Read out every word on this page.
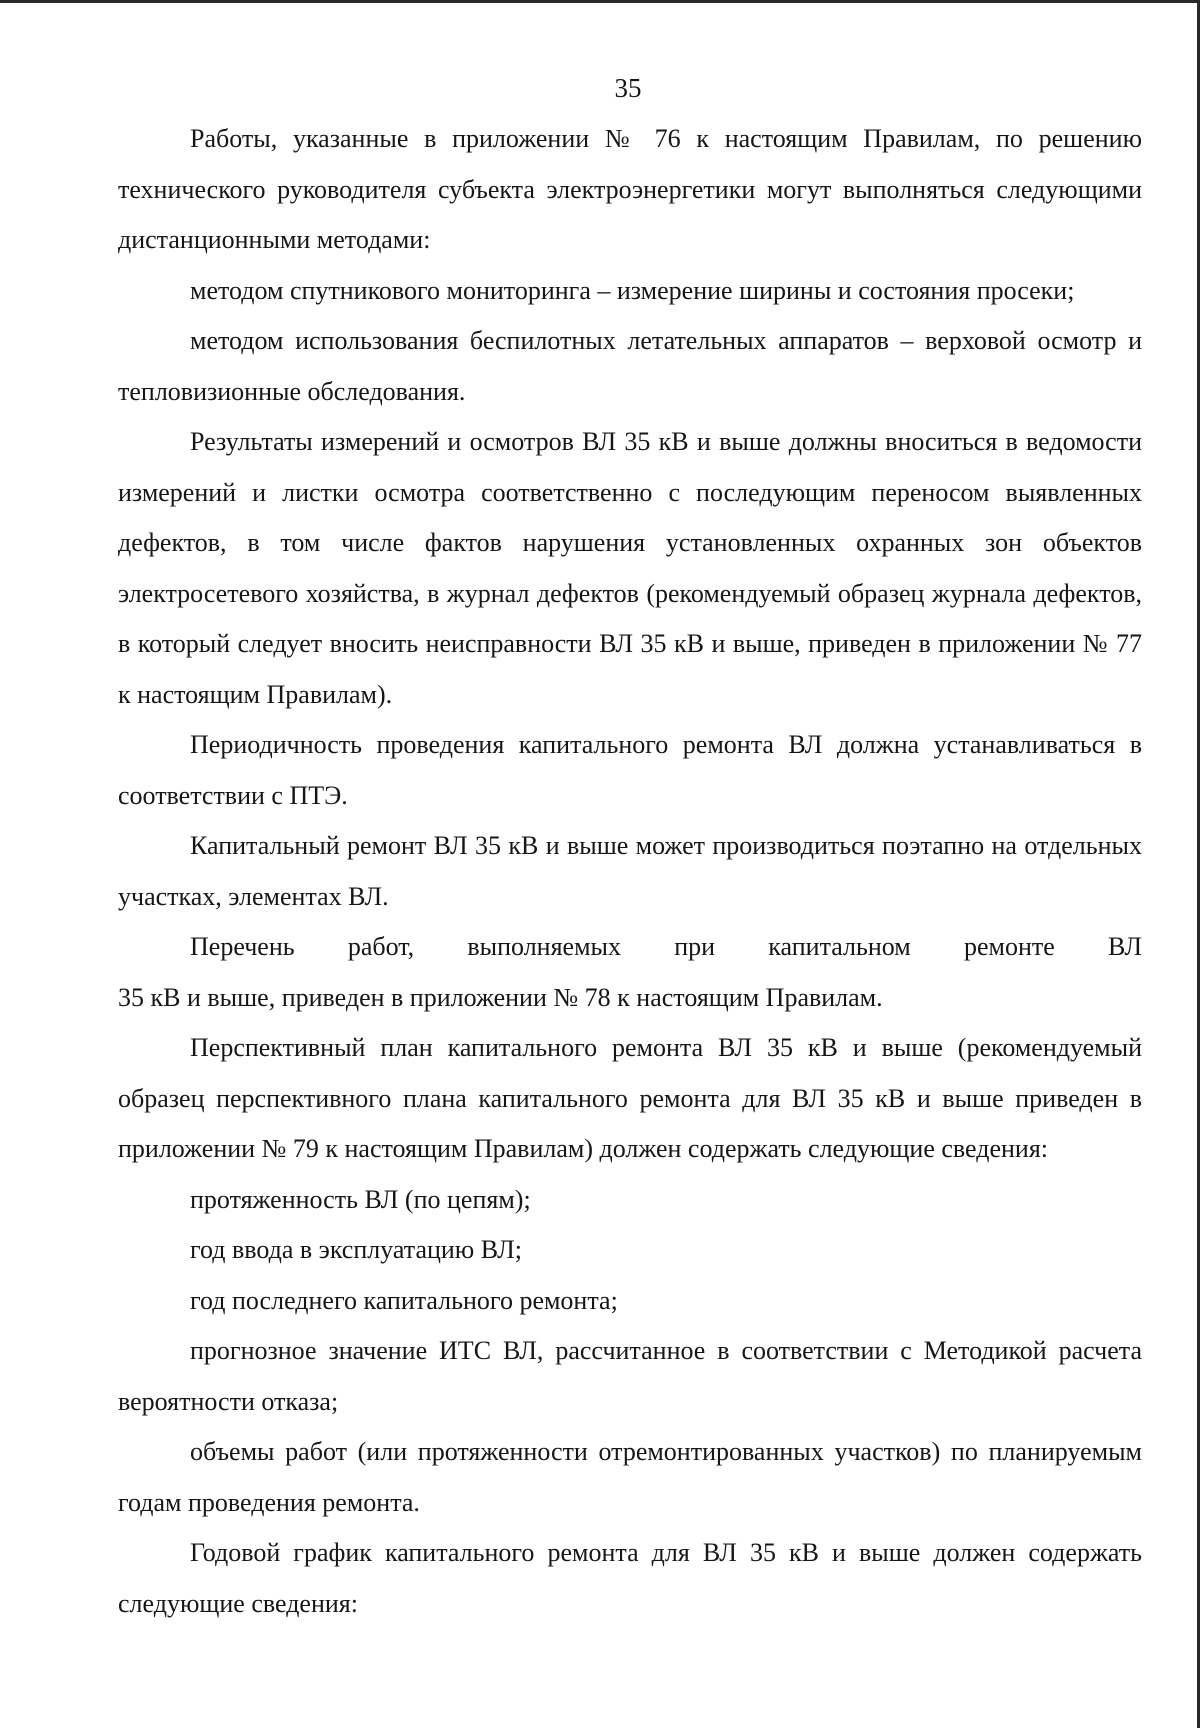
35

Работы, указанные в приложении № 76 к настоящим Правилам, по решению технического руководителя субъекта электроэнергетики могут выполняться следующими дистанционными методами:

методом спутникового мониторинга – измерение ширины и состояния просеки;

методом использования беспилотных летательных аппаратов – верховой осмотр и тепловизионные обследования.

Результаты измерений и осмотров ВЛ 35 кВ и выше должны вноситься в ведомости измерений и листки осмотра соответственно с последующим переносом выявленных дефектов, в том числе фактов нарушения установленных охранных зон объектов электросетевого хозяйства, в журнал дефектов (рекомендуемый образец журнала дефектов, в который следует вносить неисправности ВЛ 35 кВ и выше, приведен в приложении № 77 к настоящим Правилам).

Периодичность проведения капитального ремонта ВЛ должна устанавливаться в соответствии с ПТЭ.

Капитальный ремонт ВЛ 35 кВ и выше может производиться поэтапно на отдельных участках, элементах ВЛ.

Перечень работ, выполняемых при капитальном ремонте ВЛ

35 кВ и выше, приведен в приложении № 78 к настоящим Правилам.

Перспективный план капитального ремонта ВЛ 35 кВ и выше (рекомендуемый образец перспективного плана капитального ремонта для ВЛ 35 кВ и выше приведен в приложении № 79 к настоящим Правилам) должен содержать следующие сведения:

протяженность ВЛ (по цепям);

год ввода в эксплуатацию ВЛ;

год последнего капитального ремонта;

прогнозное значение ИТС ВЛ, рассчитанное в соответствии с Методикой расчета вероятности отказа;

объемы работ (или протяженности отремонтированных участков) по планируемым годам проведения ремонта.

Годовой график капитального ремонта для ВЛ 35 кВ и выше должен содержать следующие сведения:
